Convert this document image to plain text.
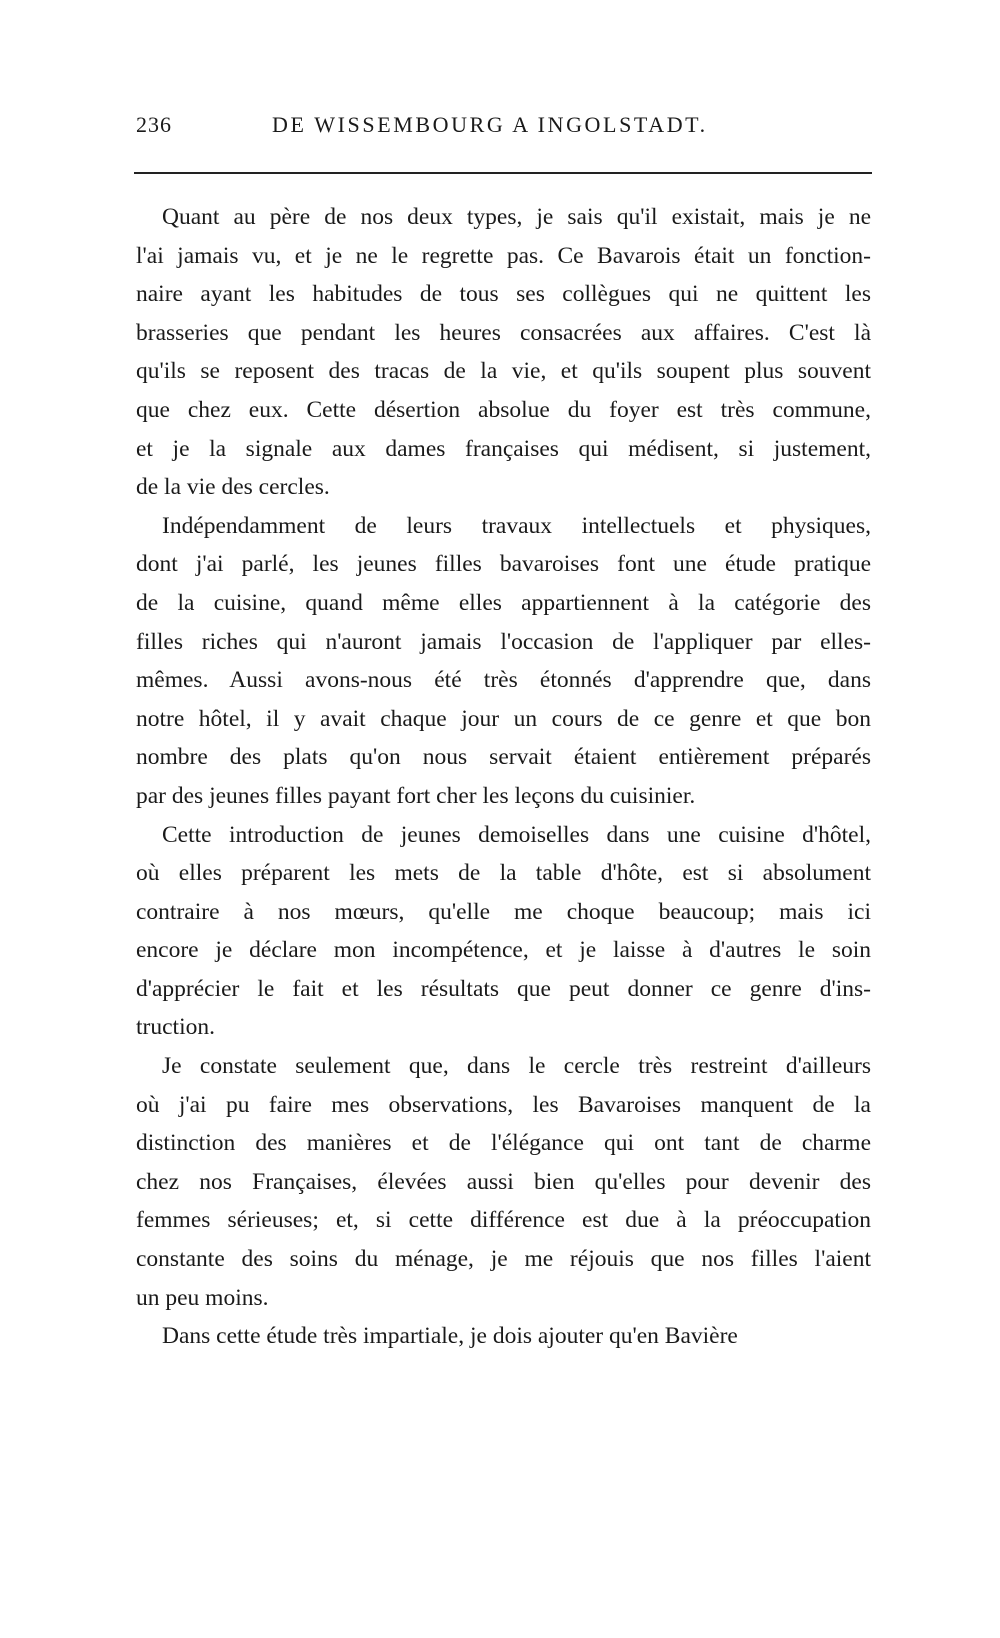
236	DE WISSEMBOURG A INGOLSTADT.
Quant au père de nos deux types, je sais qu'il existait, mais je ne
l'ai jamais vu, et je ne le regrette pas. Ce Bavarois était un fonction-
naire ayant les habitudes de tous ses collègues qui ne quittent les
brasseries que pendant les heures consacrées aux affaires. C'est là
qu'ils se reposent des tracas de la vie, et qu'ils soupent plus souvent
que chez eux. Cette désertion absolue du foyer est très commune,
et je la signale aux dames françaises qui médisent, si justement,
de la vie des cercles.
Indépendamment de leurs travaux intellectuels et physiques,
dont j'ai parlé, les jeunes filles bavaroises font une étude pratique
de la cuisine, quand même elles appartiennent à la catégorie des
filles riches qui n'auront jamais l'occasion de l'appliquer par elles-
mêmes. Aussi avons-nous été très étonnés d'apprendre que, dans
notre hôtel, il y avait chaque jour un cours de ce genre et que bon
nombre des plats qu'on nous servait étaient entièrement préparés
par des jeunes filles payant fort cher les leçons du cuisinier.
Cette introduction de jeunes demoiselles dans une cuisine d'hôtel,
où elles préparent les mets de la table d'hôte, est si absolument
contraire à nos mœurs, qu'elle me choque beaucoup; mais ici
encore je déclare mon incompétence, et je laisse à d'autres le soin
d'apprécier le fait et les résultats que peut donner ce genre d'ins-
truction.
Je constate seulement que, dans le cercle très restreint d'ailleurs
où j'ai pu faire mes observations, les Bavaroises manquent de la
distinction des manières et de l'élégance qui ont tant de charme
chez nos Françaises, élevées aussi bien qu'elles pour devenir des
femmes sérieuses; et, si cette différence est due à la préoccupation
constante des soins du ménage, je me réjouis que nos filles l'aient
un peu moins.
Dans cette étude très impartiale, je dois ajouter qu'en Bavière
